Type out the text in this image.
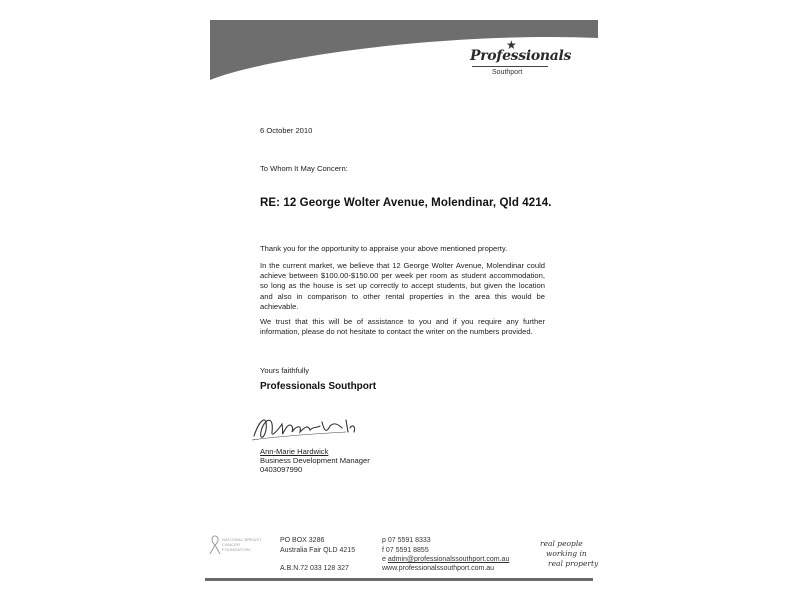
★
Professionals
Southport
6 October 2010
To Whom It May Concern:
RE: 12 George Wolter Avenue, Molendinar, Qld 4214.
Thank you for the opportunity to appraise your above mentioned property.
In the current market, we believe that 12 George Wolter Avenue, Molendinar could achieve between $100.00-$150.00 per week per room as student accommodation, so long as the house is set up correctly to accept students, but given the location and also in comparison to other rental properties in the area this would be achievable.
We trust that this will be of assistance to you and if you require any further information, please do not hesitate to contact the writer on the numbers provided.
Yours faithfully
Professionals Southport
Ann-Marie Hardwick
Business Development Manager
0403097990
NATIONAL BREAST CANCER FOUNDATION
PO BOX 3286
Australia Fair QLD 4215
A.B.N.72 033 128 327
p 07 5591 8333
f 07 5591 8855
e admin@professionalssouthport.com.au
www.professionalssouthport.com.au
real people
working in
real property
